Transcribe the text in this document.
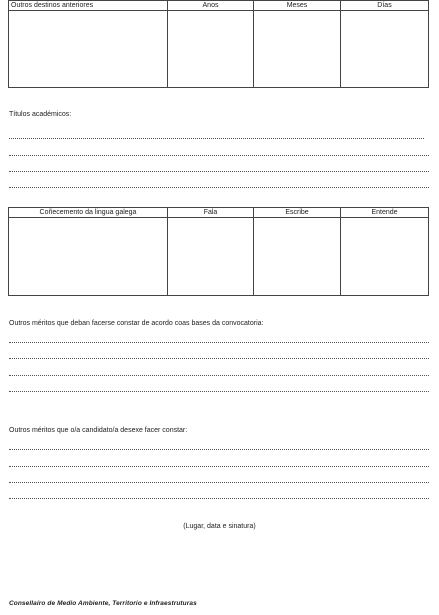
Outros destinos anteriores	Anos	Meses	Días

Títulos académicos:
Coñecemento da lingua galega	Fala	Escribe	Entende

Outros méritos que deban facerse constar de acordo coas bases da convocatoria:
Outros méritos que o/a candidato/a desexe facer constar:
(Lugar, data e sinatura)
Consellaíro de Medio Ambiente, Territorio e Infraestruturas
